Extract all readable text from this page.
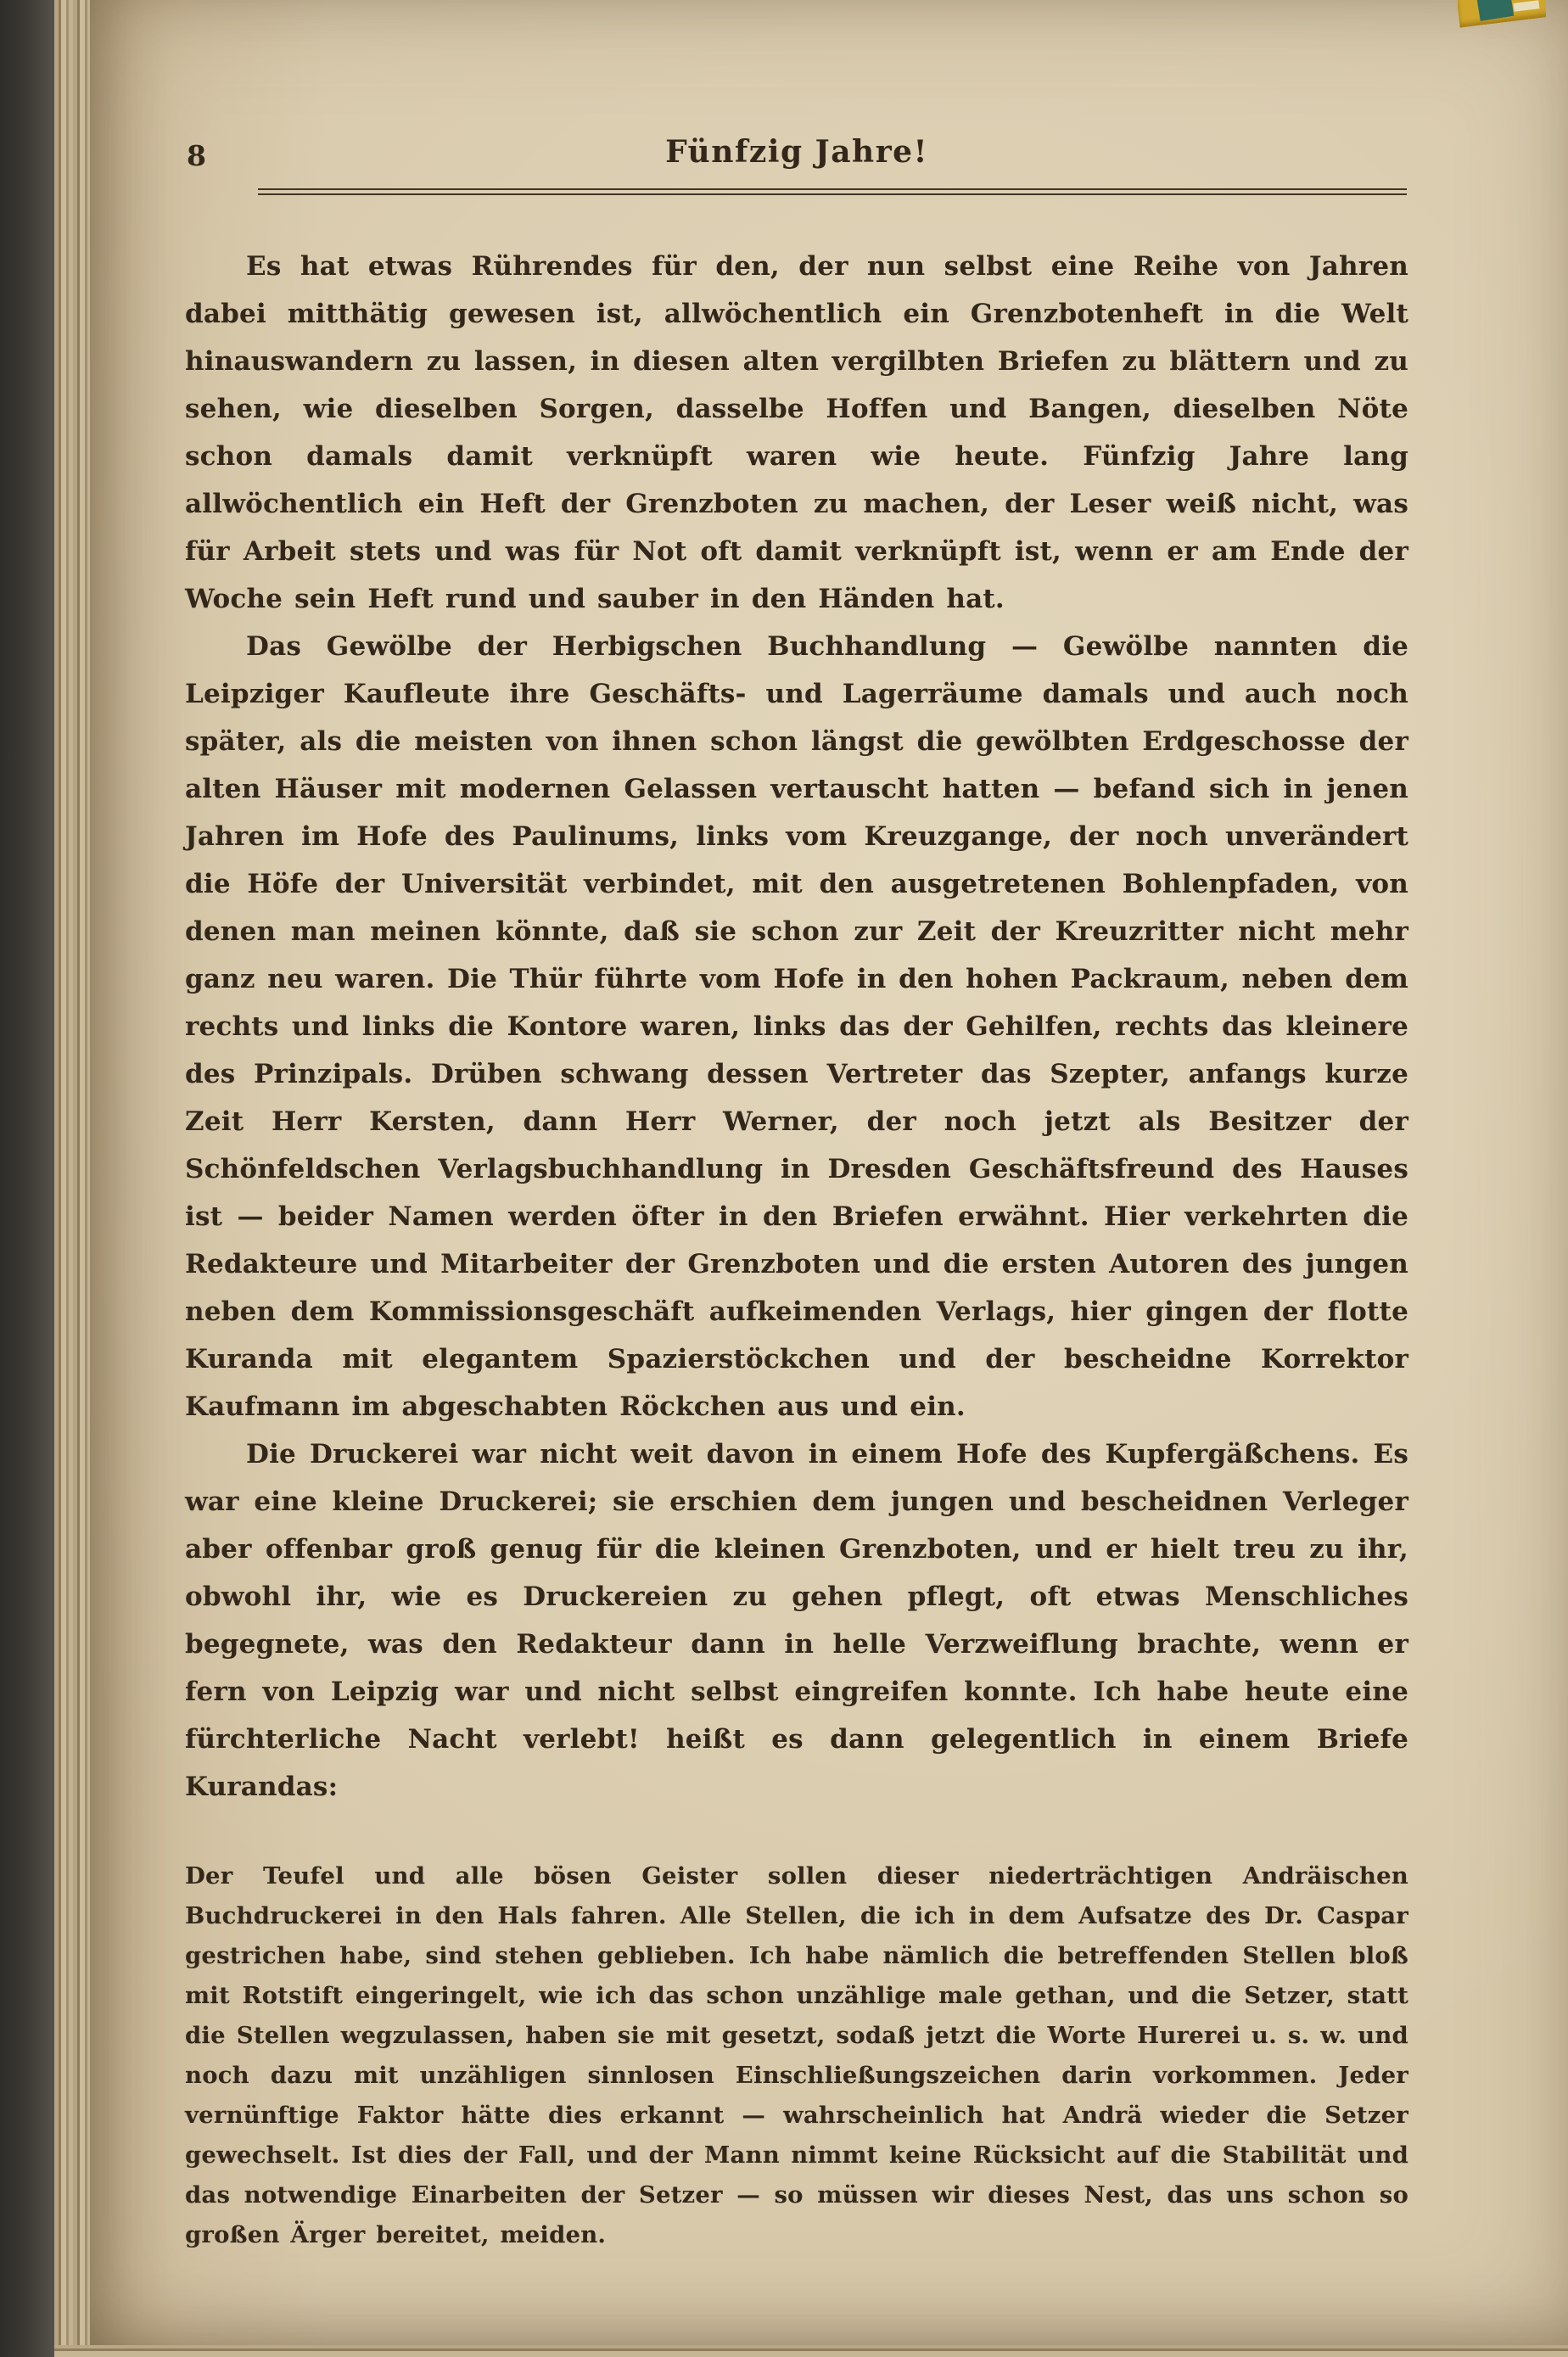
8	Fünfzig Jahre!

Es hat etwas Rührendes für den, der nun selbst eine Reihe von Jahren dabei mitthätig gewesen ist, allwöchentlich ein Grenzbotenheft in die Welt hinauswandern zu lassen, in diesen alten vergilbten Briefen zu blättern und zu sehen, wie dieselben Sorgen, dasselbe Hoffen und Bangen, dieselben Nöte schon damals damit verknüpft waren wie heute. Fünfzig Jahre lang allwöchentlich ein Heft der Grenzboten zu machen, der Leser weiß nicht, was für Arbeit stets und was für Not oft damit verknüpft ist, wenn er am Ende der Woche sein Heft rund und sauber in den Händen hat.

Das Gewölbe der Herbigschen Buchhandlung — Gewölbe nannten die Leipziger Kaufleute ihre Geschäfts- und Lagerräume damals und auch noch später, als die meisten von ihnen schon längst die gewölbten Erdgeschosse der alten Häuser mit modernen Gelassen vertauscht hatten — befand sich in jenen Jahren im Hofe des Paulinums, links vom Kreuzgange, der noch unverändert die Höfe der Universität verbindet, mit den ausgetretenen Bohlenpfaden, von denen man meinen könnte, daß sie schon zur Zeit der Kreuzritter nicht mehr ganz neu waren. Die Thür führte vom Hofe in den hohen Packraum, neben dem rechts und links die Kontore waren, links das der Gehilfen, rechts das kleinere des Prinzipals. Drüben schwang dessen Vertreter das Szepter, anfangs kurze Zeit Herr Kersten, dann Herr Werner, der noch jetzt als Besitzer der Schönfeldschen Verlagsbuchhandlung in Dresden Geschäftsfreund des Hauses ist — beider Namen werden öfter in den Briefen erwähnt. Hier verkehrten die Redakteure und Mitarbeiter der Grenzboten und die ersten Autoren des jungen neben dem Kommissionsgeschäft aufkeimenden Verlags, hier gingen der flotte Kuranda mit elegantem Spazierstöckchen und der bescheidne Korrektor Kaufmann im abgeschabten Röckchen aus und ein.

Die Druckerei war nicht weit davon in einem Hofe des Kupfergäßchens. Es war eine kleine Druckerei; sie erschien dem jungen und bescheidnen Verleger aber offenbar groß genug für die kleinen Grenzboten, und er hielt treu zu ihr, obwohl ihr, wie es Druckereien zu gehen pflegt, oft etwas Menschliches begegnete, was den Redakteur dann in helle Verzweiflung brachte, wenn er fern von Leipzig war und nicht selbst eingreifen konnte. Ich habe heute eine fürchterliche Nacht verlebt! heißt es dann gelegentlich in einem Briefe Kurandas:

Der Teufel und alle bösen Geister sollen dieser niederträchtigen Andräischen Buchdruckerei in den Hals fahren. Alle Stellen, die ich in dem Aufsatze des Dr. Caspar gestrichen habe, sind stehen geblieben. Ich habe nämlich die betreffenden Stellen bloß mit Rotstift eingeringelt, wie ich das schon unzählige male gethan, und die Setzer, statt die Stellen wegzulassen, haben sie mit gesetzt, sodaß jetzt die Worte Hurerei u. s. w. und noch dazu mit unzähligen sinnlosen Einschließungszeichen darin vorkommen. Jeder vernünftige Faktor hätte dies erkannt — wahrscheinlich hat Andrä wieder die Setzer gewechselt. Ist dies der Fall, und der Mann nimmt keine Rücksicht auf die Stabilität und das notwendige Einarbeiten der Setzer — so müssen wir dieses Nest, das uns schon so großen Ärger bereitet, meiden.
